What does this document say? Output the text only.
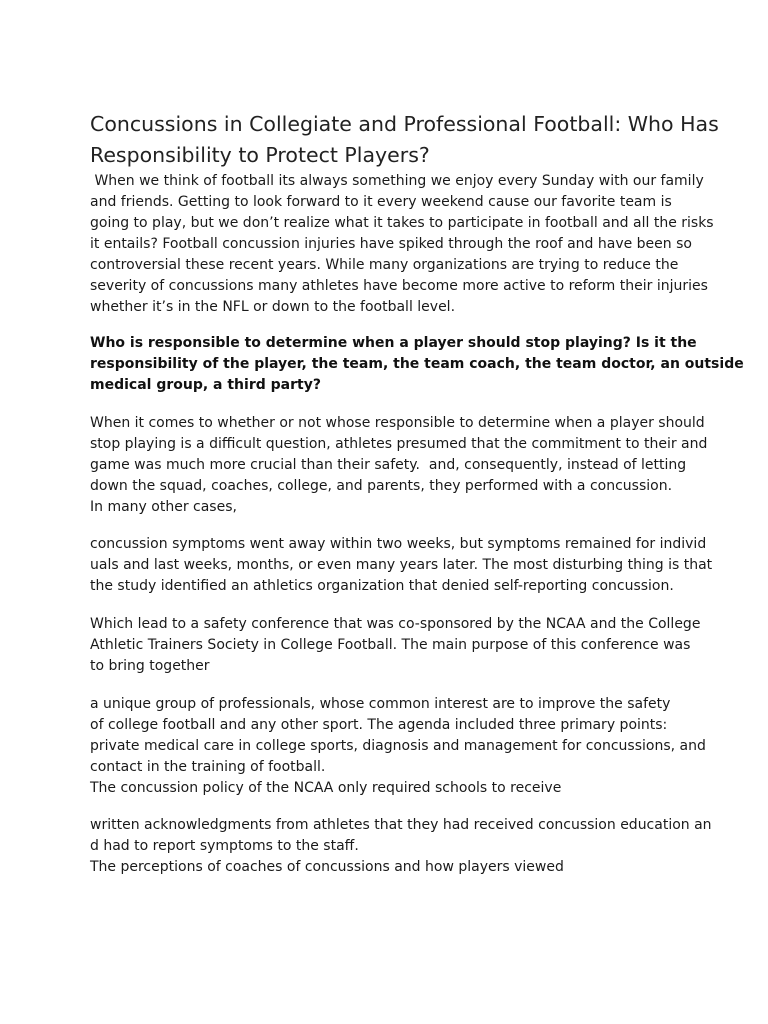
Concussions in Collegiate and Professional Football: Who Has
Responsibility to Protect Players?
When we think of football its always something we enjoy every Sunday with our family
and friends. Getting to look forward to it every weekend cause our favorite team is
going to play, but we don’t realize what it takes to participate in football and all the risks
it entails? Football concussion injuries have spiked through the roof and have been so
controversial these recent years. While many organizations are trying to reduce the
severity of concussions many athletes have become more active to reform their injuries
whether it’s in the NFL or down to the football level.
Who is responsible to determine when a player should stop playing? Is it the
responsibility of the player, the team, the team coach, the team doctor, an outside
medical group, a third party?
When it comes to whether or not whose responsible to determine when a player should
stop playing is a difficult question, athletes presumed that the commitment to their and
game was much more crucial than their safety.  and, consequently, instead of letting
down the squad, coaches, college, and parents, they performed with a concussion.
In many other cases,
concussion symptoms went away within two weeks, but symptoms remained for individ
uals and last weeks, months, or even many years later. The most disturbing thing is that
the study identified an athletics organization that denied self-reporting concussion.
Which lead to a safety conference that was co-sponsored by the NCAA and the College
Athletic Trainers Society in College Football. The main purpose of this conference was
to bring together
a unique group of professionals, whose common interest are to improve the safety
of college football and any other sport. The agenda included three primary points:
private medical care in college sports, diagnosis and management for concussions, and
contact in the training of football.
The concussion policy of the NCAA only required schools to receive
written acknowledgments from athletes that they had received concussion education an
d had to report symptoms to the staff.
The perceptions of coaches of concussions and how players viewed
